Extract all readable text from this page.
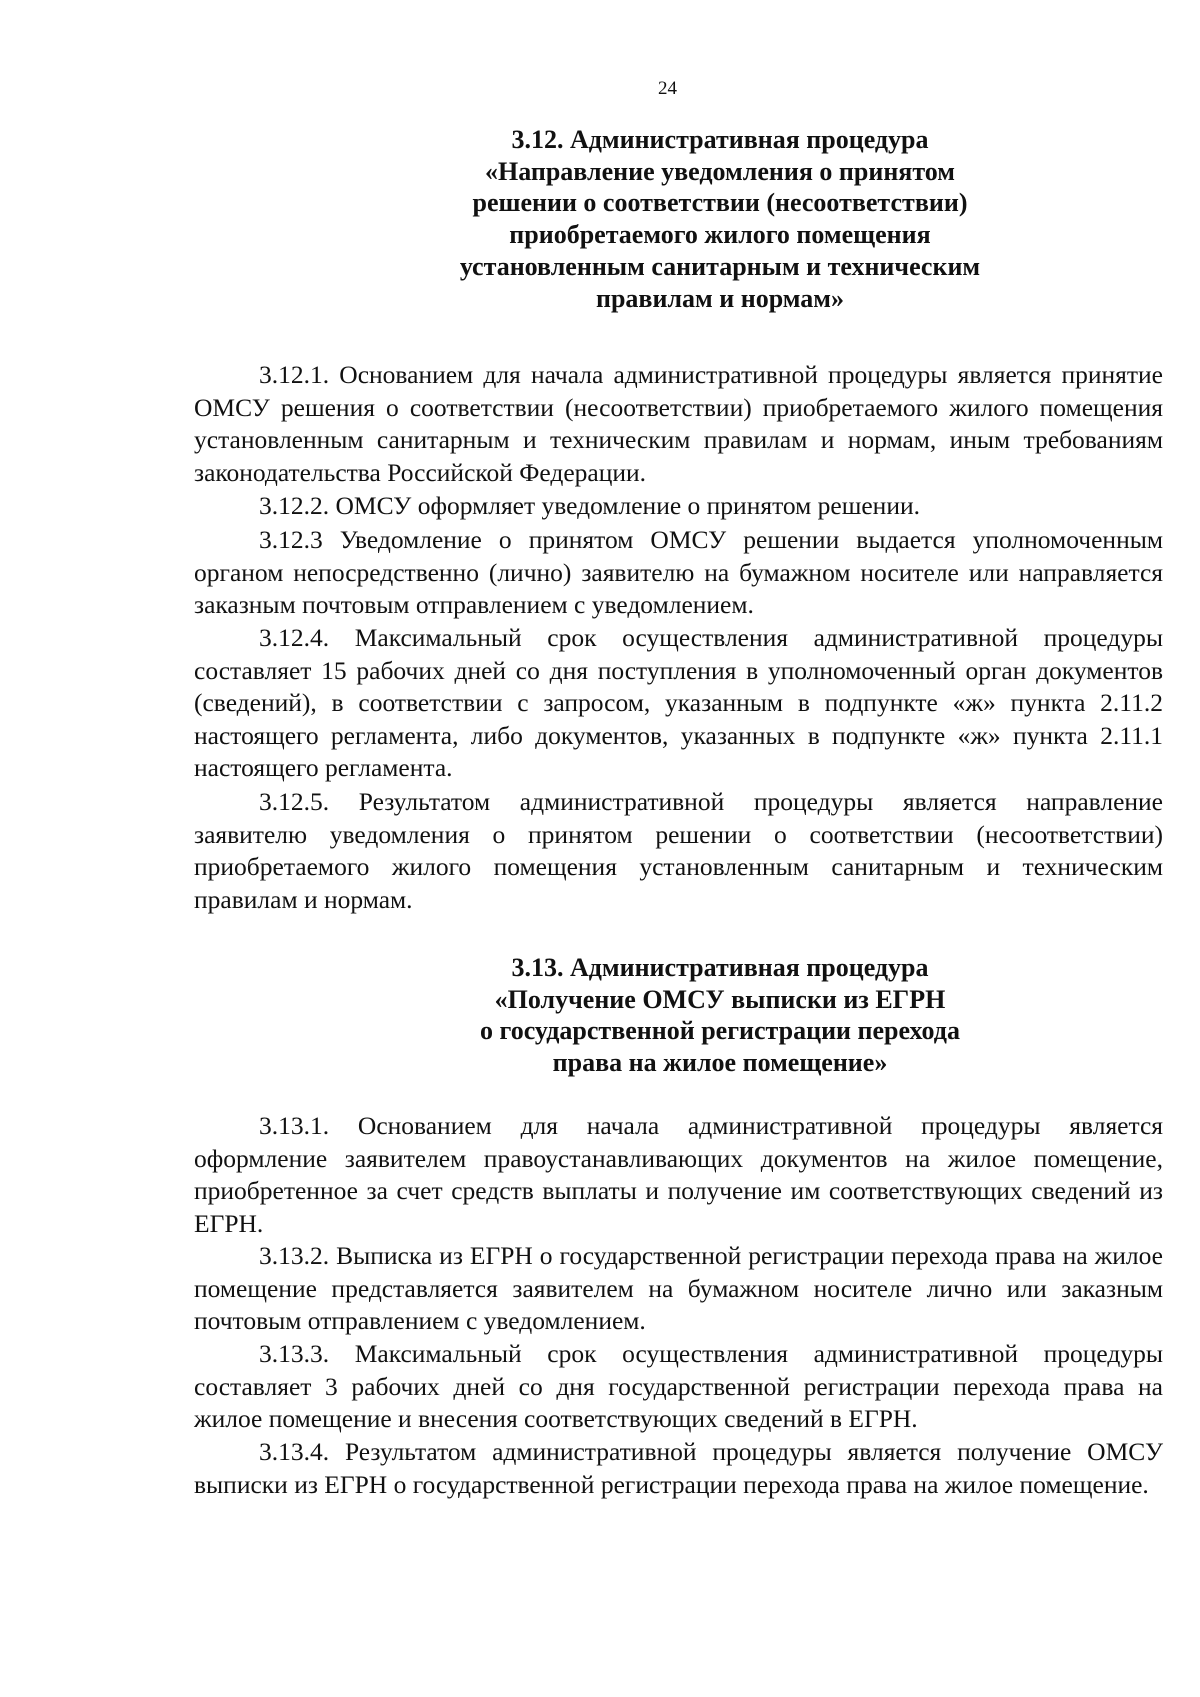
24
3.12. Административная процедура
«Направление уведомления о принятом
решении о соответствии (несоответствии)
приобретаемого жилого помещения
установленным санитарным и техническим
правилам и нормам»

3.12.1. Основанием для начала административной процедуры является принятие ОМСУ решения о соответствии (несоответствии) приобретаемого жилого помещения установленным санитарным и техническим правилам и нормам, иным требованиям законодательства Российской Федерации.

3.12.2. ОМСУ оформляет уведомление о принятом решении.

3.12.3 Уведомление о принятом ОМСУ решении выдается уполномоченным органом непосредственно (лично) заявителю на бумажном носителе или направляется заказным почтовым отправлением с уведомлением.

3.12.4. Максимальный срок осуществления административной процедуры составляет 15 рабочих дней со дня поступления в уполномоченный орган документов (сведений), в соответствии с запросом, указанным в подпункте «ж» пункта 2.11.2 настоящего регламента, либо документов, указанных в подпункте «ж» пункта 2.11.1 настоящего регламента.

3.12.5. Результатом административной процедуры является направление заявителю уведомления о принятом решении о соответствии (несоответствии) приобретаемого жилого помещения установленным санитарным и техническим правилам и нормам.

3.13. Административная процедура
«Получение ОМСУ выписки из ЕГРН
о государственной регистрации перехода
права на жилое помещение»

3.13.1. Основанием для начала административной процедуры является оформление заявителем правоустанавливающих документов на жилое помещение, приобретенное за счет средств выплаты и получение им соответствующих сведений из ЕГРН.

3.13.2. Выписка из ЕГРН о государственной регистрации перехода права на жилое помещение представляется заявителем на бумажном носителе лично или заказным почтовым отправлением с уведомлением.

3.13.3. Максимальный срок осуществления административной процедуры составляет 3 рабочих дней со дня государственной регистрации перехода права на жилое помещение и внесения соответствующих сведений в ЕГРН.

3.13.4. Результатом административной процедуры является получение ОМСУ выписки из ЕГРН о государственной регистрации перехода права на жилое помещение.
